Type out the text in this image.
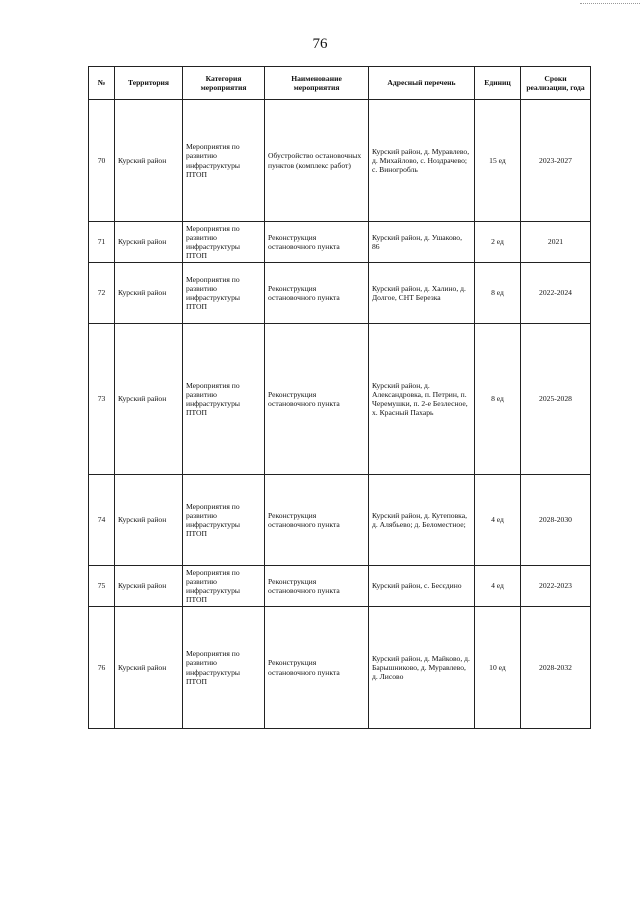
76
№	Территория	Категория мероприятия	Наименование мероприятия	Адресный перечень	Единиц	Сроки реализации, года
70	Курский район	Мероприятия по развитию инфраструктуры ПТОП	Обустройство остановочных пунктов (комплекс работ)	Курский район, д. Муравлево, д. Михайлово, с. Ноздрачево; с. Виногробль	15 ед	2023-2027
71	Курский район	Мероприятия по развитию инфраструктуры ПТОП	Реконструкция остановочного пункта	Курский район, д. Ушаково, 86	2 ед	2021
72	Курский район	Мероприятия по развитию инфраструктуры ПТОП	Реконструкция остановочного пункта	Курский район, д. Халино, д. Долгое, СНТ Березка	8 ед	2022-2024
73	Курский район	Мероприятия по развитию инфраструктуры ПТОП	Реконструкция остановочного пункта	Курский район, д. Александровка, п. Петрин, п. Черемушки, п. 2-е Безлесное, х. Красный Пахарь	8 ед	2025-2028
74	Курский район	Мероприятия по развитию инфраструктуры ПТОП	Реконструкция остановочного пункта	Курский район, д. Кутеповка, д. Алябьево; д. Беломестное;	4 ед	2028-2030
75	Курский район	Мероприятия по развитию инфраструктуры ПТОП	Реконструкция остановочного пункта	Курский район, с. Бесєдино	4 ед	2022-2023
76	Курский район	Мероприятия по развитию инфраструктуры ПТОП	Реконструкция остановочного пункта	Курский район, д. Майково, д. Барышниково, д. Муравлево, д. Лисово	10 ед	2028-2032
